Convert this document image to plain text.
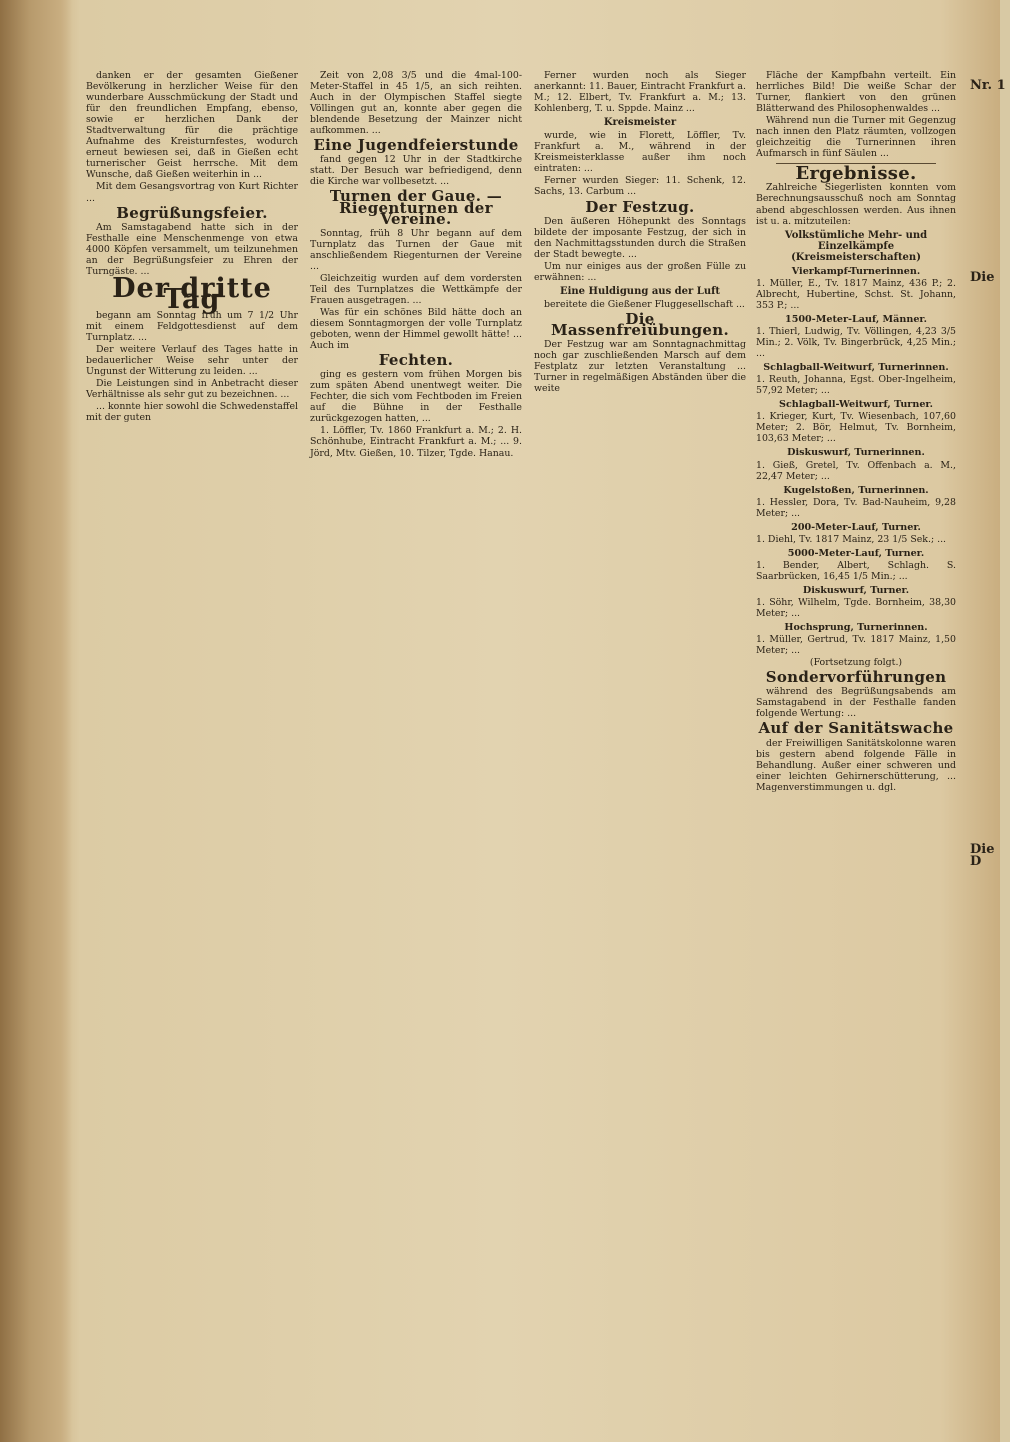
danken er der gesamten Gießener Bevölkerung in herzlicher Weise für den wunderbare Ausschmückung der Stadt und für den freundlichen Empfang, ebenso, sowie er herzlichen Dank der Stadtverwaltung für die prächtige Aufnahme des Kreisturnfestes, wodurch erneut bewiesen sei, daß in Gießen echt turnerischer Geist herrsche. Mit dem Wunsche, daß Gießen weiterhin in ...

Mit dem Gesangsvortrag von Kurt Richter ...

Begrüßungsfeier.

Am Samstagabend hatte sich in der Festhalle eine Menschenmenge von etwa 4000 Köpfen versammelt, um teilzunehmen an der Begrüßungsfeier zu Ehren der Turngäste. ...

Der dritte Tag

begann am Sonntag früh um 7 1/2 Uhr mit einem Feldgottesdienst auf dem Turnplatz. ...

Der weitere Verlauf des Tages hatte in bedauerlicher Weise sehr unter der Ungunst der Witterung zu leiden. ...

Die Leistungen sind in Anbetracht dieser Verhältnisse als sehr gut zu bezeichnen. ...

... konnte hier sowohl die Schwedenstaffel mit der guten

Zeit von 2,08 3/5 und die 4mal-100-Meter-Staffel in 45 1/5, an sich reihten. Auch in der Olympischen Staffel siegte Völlingen gut an, konnte aber gegen die blendende Besetzung der Mainzer nicht aufkommen. ...

Eine Jugendfeierstunde

fand gegen 12 Uhr in der Stadtkirche statt. Der Besuch war befriedigend, denn die Kirche war vollbesetzt. ...

Turnen der Gaue. — Riegenturnen der Vereine.

Sonntag, früh 8 Uhr begann auf dem Turnplatz das Turnen der Gaue mit anschließendem Riegenturnen der Vereine ...

Gleichzeitig wurden auf dem vordersten Teil des Turnplatzes die Wettkämpfe der Frauen ausgetragen. ...

Was für ein schönes Bild hätte doch an diesem Sonntagmorgen der volle Turnplatz geboten, wenn der Himmel gewollt hätte! ... Auch im

Fechten.

ging es gestern vom frühen Morgen bis zum späten Abend unentwegt weiter. Die Fechter, die sich vom Fechtboden im Freien auf die Bühne in der Festhalle zurückgezogen hatten, ...

1. Löffler, Tv. 1860 Frankfurt a. M.; 2. H. Schönhube, Eintracht Frankfurt a. M.; ... 9. Jörd, Mtv. Gießen, 10. Tilzer, Tgde. Hanau.

Ferner wurden noch als Sieger anerkannt: 11. Bauer, Eintracht Frankfurt a. M.; 12. Elbert, Tv. Frankfurt a. M.; 13. Kohlenberg, T. u. Sppde. Mainz ...

Kreismeister

wurde, wie in Florett, Löffler, Tv. Frankfurt a. M., während in der Kreismeisterklasse außer ihm noch eintraten: ...

Ferner wurden Sieger: 11. Schenk, 12. Sachs, 13. Carbum ...

Der Festzug.

Den äußeren Höhepunkt des Sonntags bildete der imposante Festzug, der sich in den Nachmittagsstunden durch die Straßen der Stadt bewegte. ...

Um nur einiges aus der großen Fülle zu erwähnen: ...

Eine Huldigung aus der Luft

bereitete die Gießener Fluggesellschaft ...

Die Massenfreiübungen.

Der Festzug war am Sonntagnachmittag noch gar zuschließenden Marsch auf dem Festplatz zur letzten Veranstaltung ... Turner in regelmäßigen Abständen über die weite

Fläche der Kampfbahn verteilt. Ein herrliches Bild! Die weiße Schar der Turner, flankiert von den grünen Blätterwand des Philosophenwaldes ...

Während nun die Turner mit Gegenzug nach innen den Platz räumten, vollzogen gleichzeitig die Turnerinnen ihren Aufmarsch in fünf Säulen ...

Ergebnisse.

Zahlreiche Siegerlisten konnten vom Berechnungsausschuß noch am Sonntag abend abgeschlossen werden. Aus ihnen ist u. a. mitzuteilen:

Volkstümliche Mehr- und Einzelkämpfe (Kreismeisterschaften)
Vierkampf-Turnerinnen.

1. Müller, E., Tv. 1817 Mainz, 436 P.; 2. Albrecht, Hubertine, Schst. St. Johann, 353 P.; ...

1500-Meter-Lauf, Männer.

1. Thierl, Ludwig, Tv. Völlingen, 4,23 3/5 Min.; 2. Völk, Tv. Bingerbrück, 4,25 Min.; ...

Schlagball-Weitwurf, Turnerinnen.

1. Reuth, Johanna, Egst. Ober-Ingelheim, 57,92 Meter; ...

Schlagball-Weitwurf, Turner.

1. Krieger, Kurt, Tv. Wiesenbach, 107,60 Meter; 2. Bör, Helmut, Tv. Bornheim, 103,63 Meter; ...

Diskuswurf, Turnerinnen.

1. Gieß, Gretel, Tv. Offenbach a. M., 22,47 Meter; ...

Kugelstoßen, Turnerinnen.

1. Hessler, Dora, Tv. Bad-Nauheim, 9,28 Meter; ...

200-Meter-Lauf, Turner.

1. Diehl, Tv. 1817 Mainz, 23 1/5 Sek.; ...

5000-Meter-Lauf, Turner.

1. Bender, Albert, Schlagh. S. Saarbrücken, 16,45 1/5 Min.; ...

Diskuswurf, Turner.

1. Söhr, Wilhelm, Tgde. Bornheim, 38,30 Meter; ...

Hochsprung, Turnerinnen.

1. Müller, Gertrud, Tv. 1817 Mainz, 1,50 Meter; ...

(Fortsetzung folgt.)
Sondervorführungen

während des Begrüßungsabends am Samstagabend in der Festhalle fanden folgende Wertung: ...

Auf der Sanitätswache

der Freiwilligen Sanitätskolonne waren bis gestern abend folgende Fälle in Behandlung. Außer einer schweren und einer leichten Gehirnerschütterung, ... Magenverstimmungen u. dgl.

Nr. 1
Die
Die D
